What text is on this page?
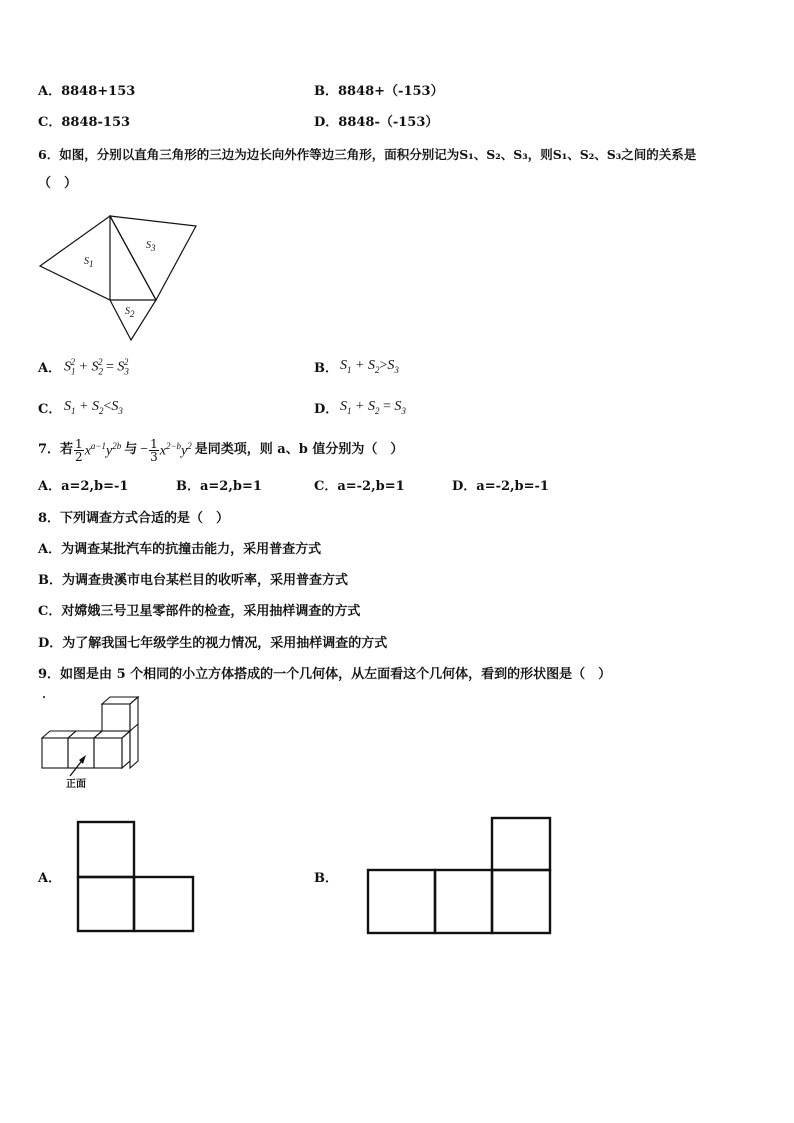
A．8848+153	B．8848+（-153）
C．8848-153	D．8848-（-153）
6．如图，分别以直角三角形的三边为边长向外作等边三角形，面积分别记为S₁、S₂、S₃，则S₁、S₂、S₃之间的关系是
（　）
$S_1$
$S_3$
$S_2$
A． $S_1^2 + S_2^2 = S_3^2$	B． $S_1 + S_2>S_3$
C． $S_1 + S_2<S_3$	D． $S_1 + S_2 = S_3$
7．若 $\frac{1}{2} x^{a-1}y^{2b}$ 与 − $\frac{1}{3} x^{2-b}y^2$ 是同类项，则 a、b 值分别为（　）
A．a=2,b=-1	B．a=2,b=1	C．a=-2,b=1	D．a=-2,b=-1
8．下列调查方式合适的是（　）
A．为调查某批汽车的抗撞击能力，采用普查方式
B．为调查贵溪市电台某栏目的收听率，采用普查方式
C．对嫦娥三号卫星零部件的检查，采用抽样调查的方式
D．为了解我国七年级学生的视力情况，采用抽样调查的方式
9．如图是由 5 个相同的小立方体搭成的一个几何体，从左面看这个几何体，看到的形状图是（　）
正面
A．	B．
